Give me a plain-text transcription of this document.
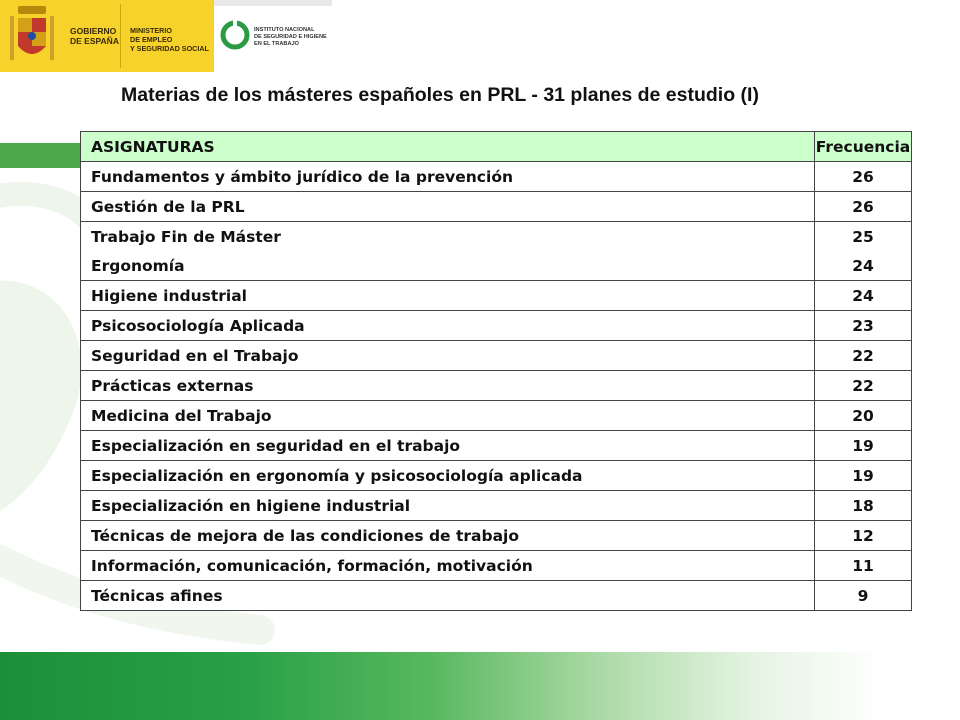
GOBIERNO
DE ESPAÑA
MINISTERIO
DE EMPLEO
Y SEGURIDAD SOCIAL
INSTITUTO NACIONAL
DE SEGURIDAD E HIGIENE
EN EL TRABAJO
Materias de los másteres españoles en PRL - 31 planes de estudio (I)
ASIGNATURAS	Frecuencia
Fundamentos y ámbito jurídico de la prevención	26
Gestión de la PRL	26
Trabajo Fin de Máster	25
Ergonomía	24
Higiene industrial	24
Psicosociología Aplicada	23
Seguridad en el Trabajo	22
Prácticas externas	22
Medicina del Trabajo	20
Especialización en seguridad en el trabajo	19
Especialización en ergonomía y psicosociología aplicada	19
Especialización en higiene industrial	18
Técnicas de mejora de las condiciones de trabajo	12
Información, comunicación, formación, motivación	11
Técnicas afines	9
